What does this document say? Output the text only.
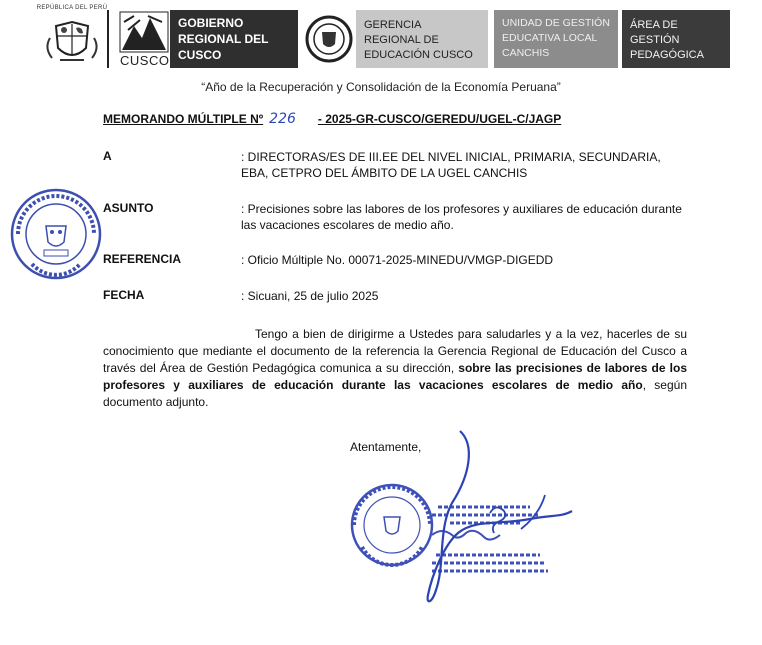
REPÚBLICA DEL PERÚ
CUSCO
GOBIERNO REGIONAL DEL CUSCO
GERENCIA REGIONAL DE EDUCACIÓN CUSCO
UNIDAD DE GESTIÓN EDUCATIVA LOCAL CANCHIS
ÁREA DE GESTIÓN PEDAGÓGICA
“Año de la Recuperación y Consolidación de la Economía Peruana”
MEMORANDO MÚLTIPLE Nº 226 - 2025-GR-CUSCO/GEREDU/UGEL-C/JAGP
A	: DIRECTORAS/ES DE III.EE DEL NIVEL INICIAL, PRIMARIA, SECUNDARIA, EBA, CETPRO DEL ÁMBITO DE LA UGEL CANCHIS
ASUNTO	: Precisiones sobre las labores de los profesores y auxiliares de educación durante las vacaciones escolares de medio año.
REFERENCIA	: Oficio Múltiple No. 00071-2025-MINEDU/VMGP-DIGEDD
FECHA	: Sicuani, 25 de julio 2025
Tengo a bien de dirigirme a Ustedes para saludarles y a la vez, hacerles de su conocimiento que mediante el documento de la referencia la Gerencia Regional de Educación del Cusco a través del Área de Gestión Pedagógica comunica a su dirección, sobre las precisiones de labores de los profesores y auxiliares de educación durante las vacaciones escolares de medio año, según documento adjunto.
Atentamente,
